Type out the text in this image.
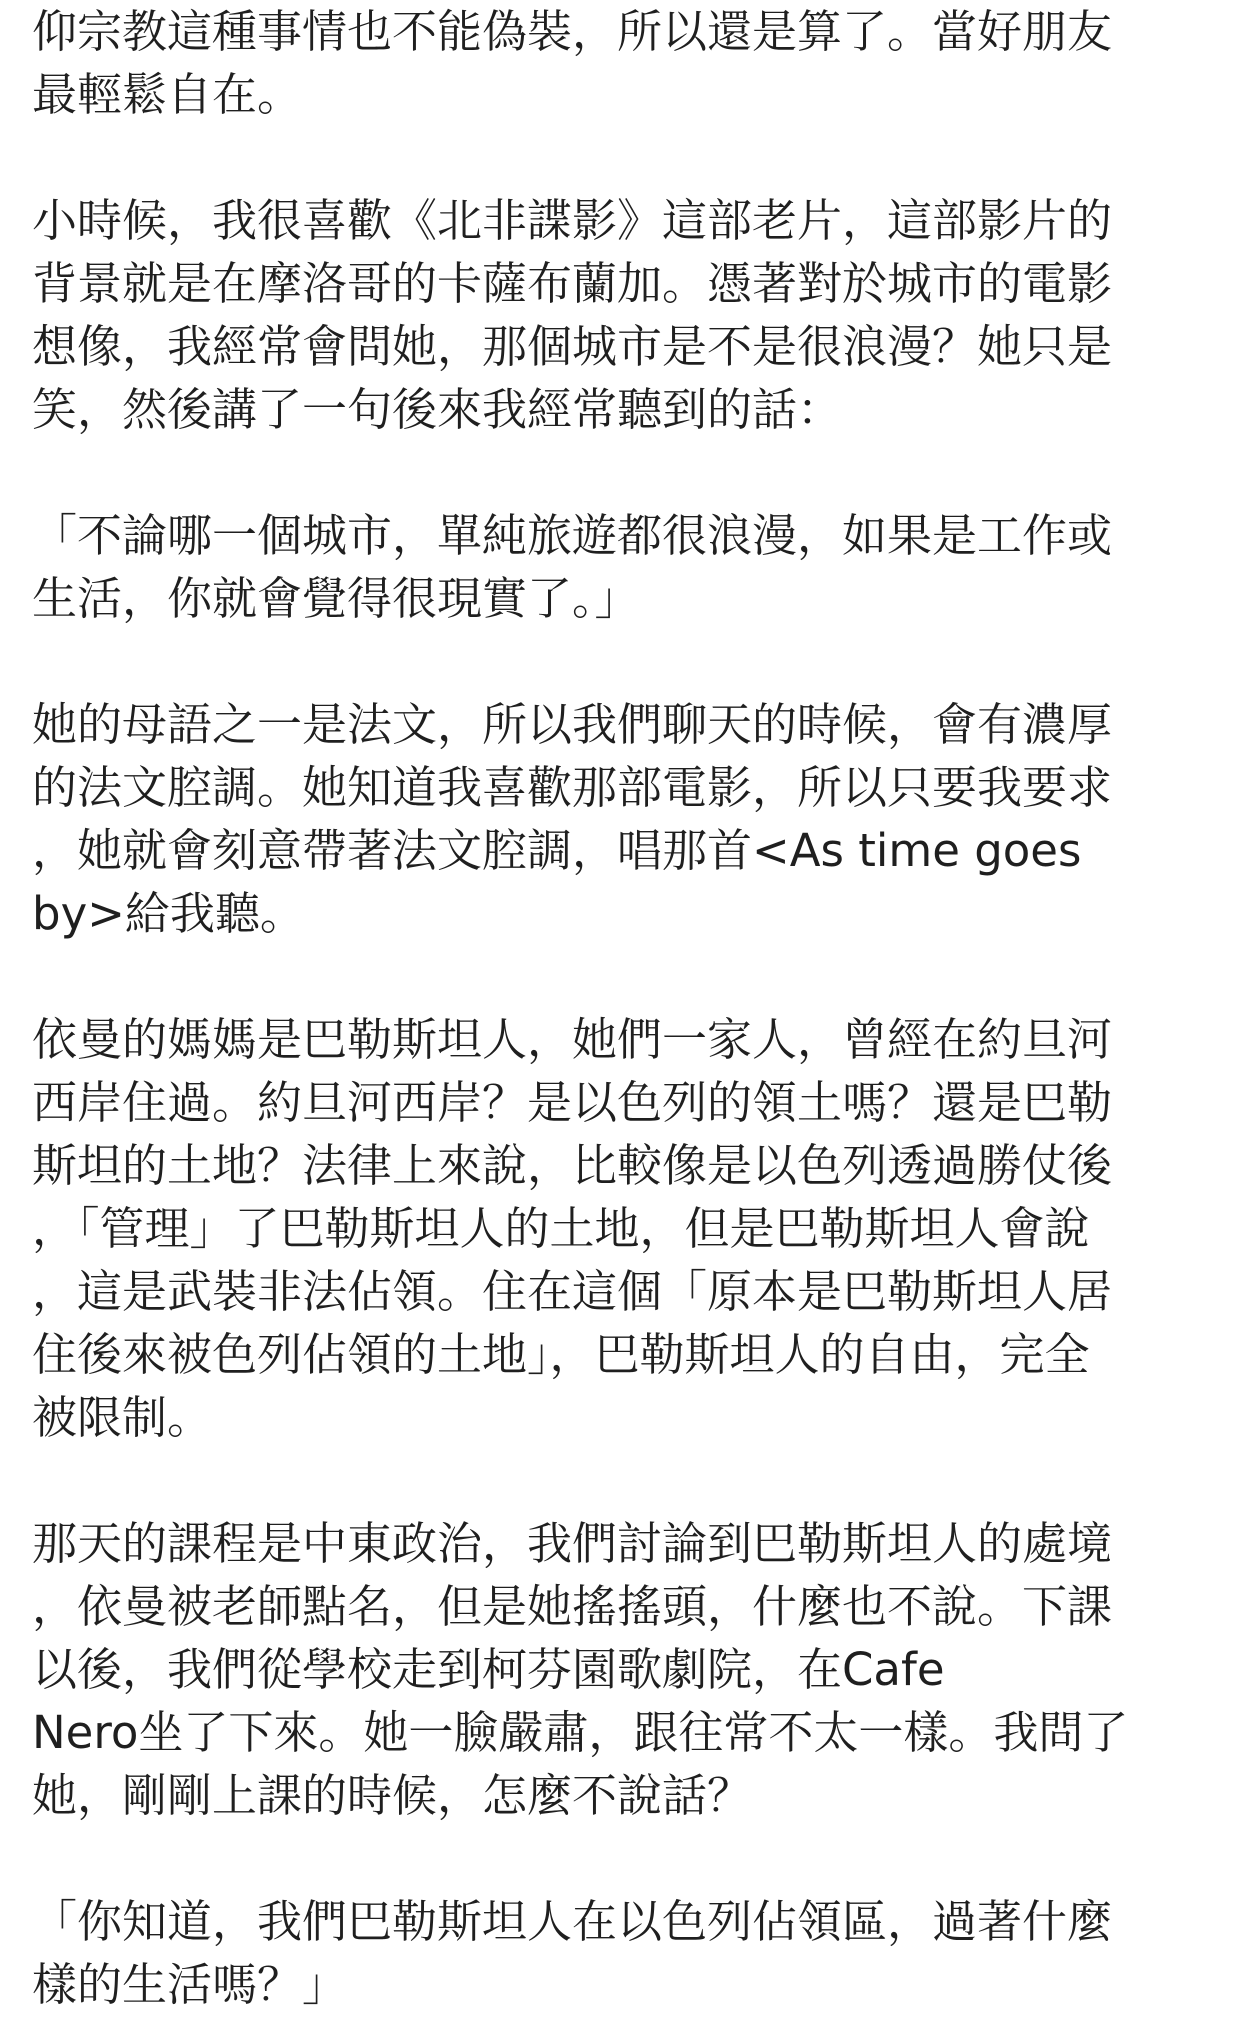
仰宗教這種事情也不能偽裝，所以還是算了。當好朋友
最輕鬆自在。
小時候，我很喜歡《北非諜影》這部老片，這部影片的
背景就是在摩洛哥的卡薩布蘭加。憑著對於城市的電影
想像，我經常會問她，那個城市是不是很浪漫？她只是
笑，然後講了一句後來我經常聽到的話：
「不論哪一個城市，單純旅遊都很浪漫，如果是工作或
生活，你就會覺得很現實了。」
她的母語之一是法文，所以我們聊天的時候，會有濃厚
的法文腔調。她知道我喜歡那部電影，所以只要我要求
，她就會刻意帶著法文腔調，唱那首<As time goes
by>給我聽。
依曼的媽媽是巴勒斯坦人，她們一家人，曾經在約旦河
西岸住過。約旦河西岸？是以色列的領土嗎？還是巴勒
斯坦的土地？法律上來說，比較像是以色列透過勝仗後
，「管理」了巴勒斯坦人的土地，但是巴勒斯坦人會說
，這是武裝非法佔領。住在這個「原本是巴勒斯坦人居
住後來被色列佔領的土地」，巴勒斯坦人的自由，完全
被限制。
那天的課程是中東政治，我們討論到巴勒斯坦人的處境
，依曼被老師點名，但是她搖搖頭，什麼也不說。下課
以後，我們從學校走到柯芬園歌劇院，在Cafe
Nero坐了下來。她一臉嚴肅，跟往常不太一樣。我問了
她，剛剛上課的時候，怎麼不說話？
「你知道，我們巴勒斯坦人在以色列佔領區，過著什麼
樣的生活嗎？」
